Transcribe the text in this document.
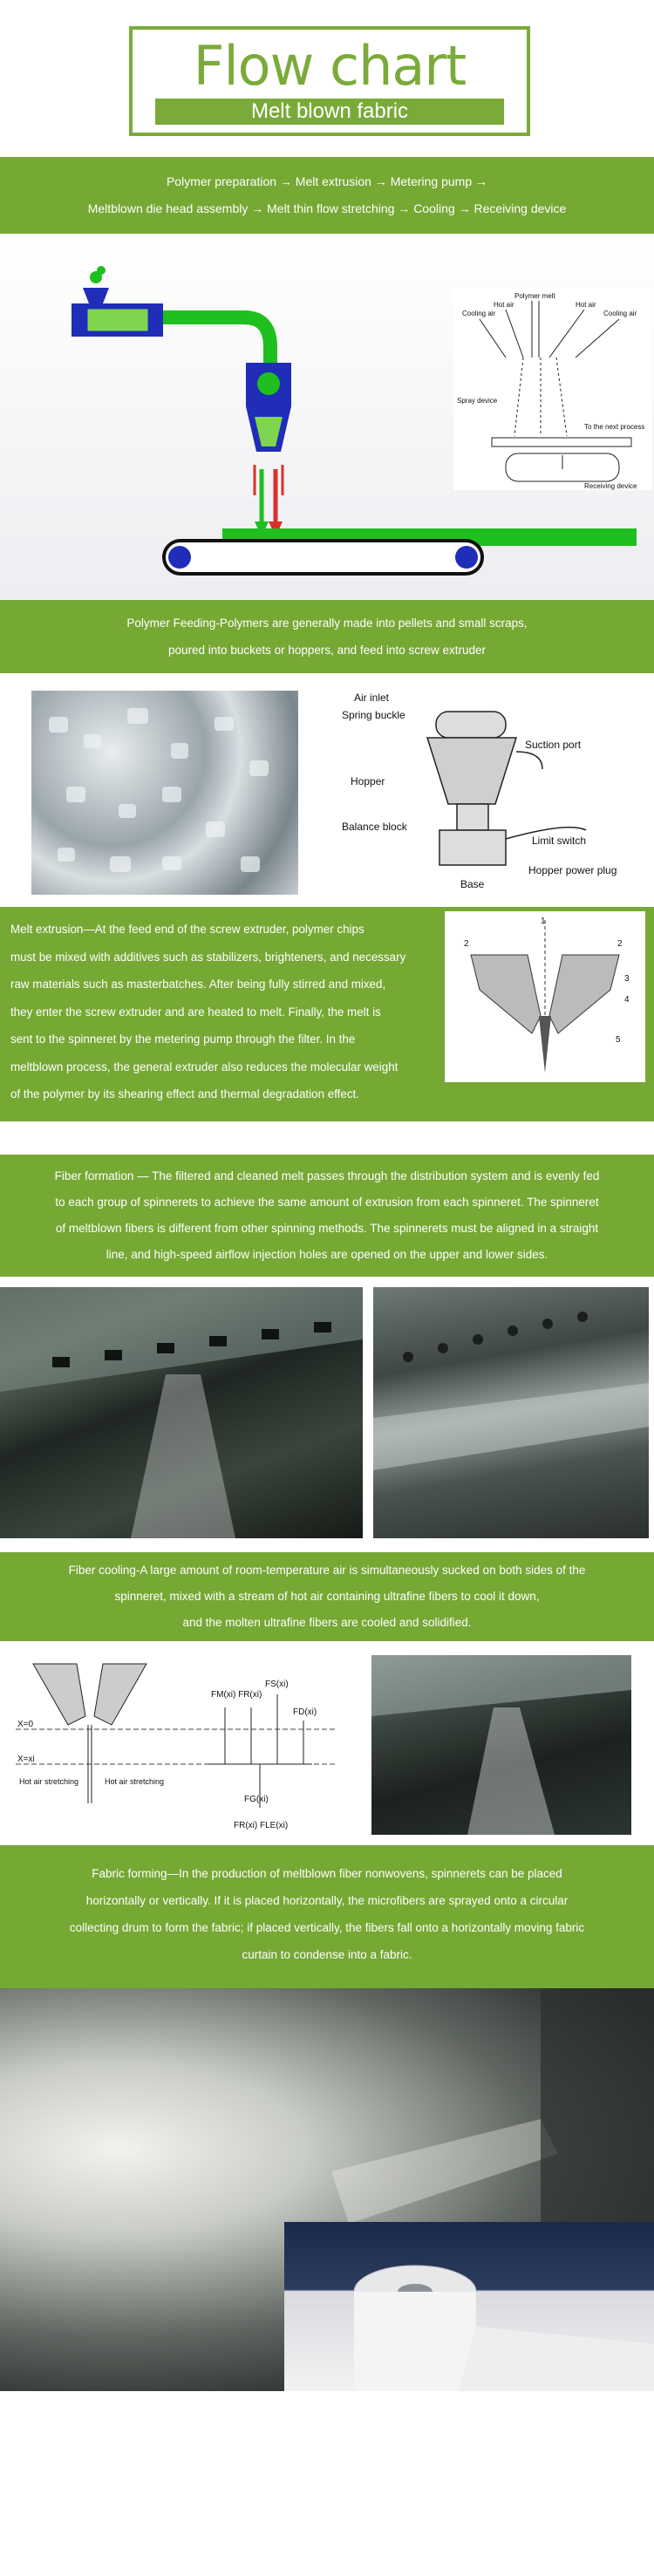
Flow chart
Melt blown fabric

Polymer preparation → Melt extrusion → Metering pump →

Meltblown die head assembly → Melt thin flow stretching → Cooling → Receiving device

Polymer melt
Hot air	Hot air
Cooling air	Cooling air
Spray device
To the next process
Receiving device

Polymer Feeding-Polymers are generally made into pellets and small scraps,

poured into buckets or hoppers, and feed into screw extruder

Air inlet
Spring buckle
Suction port
Hopper
Balance block
Limit switch
Hopper power plug
Base

Melt extrusion—At the feed end of the screw extruder, polymer chips

must be mixed with additives such as stabilizers, brighteners, and necessary

raw materials such as masterbatches. After being fully stirred and mixed,

they enter the screw extruder and are heated to melt. Finally, the melt is

sent to the spinneret by the metering pump through the filter. In the

meltblown process, the general extruder also reduces the molecular weight

of the polymer by its shearing effect and thermal degradation effect.

1
2	2
3
4
5

Fiber formation — The filtered and cleaned melt passes through the distribution system and is evenly fed

to each group of spinnerets to achieve the same amount of extrusion from each spinneret. The spinneret

of meltblown fibers is different from other spinning methods. The spinnerets must be aligned in a straight

line, and high-speed airflow injection holes are opened on the upper and lower sides.

Fiber cooling-A large amount of room-temperature air is simultaneously sucked on both sides of the

spinneret, mixed with a stream of hot air containing ultrafine fibers to cool it down,

and the molten ultrafine fibers are cooled and solidified.

X=0
X=xi
Hot air stretching	Hot air stretching
FM(xi) FR(xi)
FS(xi)
FD(xi)
FG(xi)
FR(xi) FLE(xi)

Fabric forming—In the production of meltblown fiber nonwovens, spinnerets can be placed

horizontally or vertically. If it is placed horizontally, the microfibers are sprayed onto a circular

collecting drum to form the fabric; if placed vertically, the fibers fall onto a horizontally moving fabric

curtain to condense into a fabric.
